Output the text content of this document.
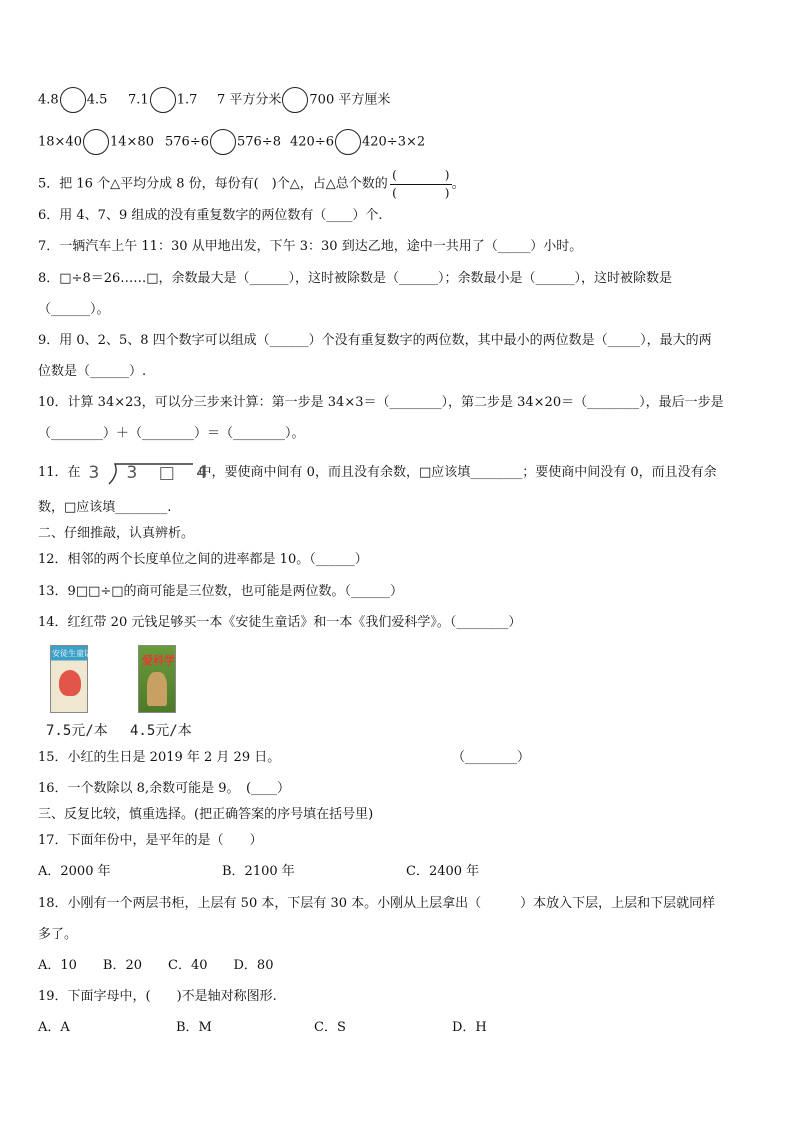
4.8 4.5 7.1 1.7 7 平方分米 700 平方厘米
18×40 14×80 576÷6 576÷8 420÷6 420÷3×2
5．把 16 个△平均分成 8 份，每份有(　)个△，占△总个数的 $\frac{( )}{( )}$ 。
6．用 4、7、9 组成的没有重复数字的两位数有（____）个.
7．一辆汽车上午 11：30 从甲地出发，下午 3：30 到达乙地，途中一共用了（_____）小时。
8．□÷8＝26……□，余数最大是（______），这时被除数是（______）；余数最小是（______），这时被除数是
（______）。
9．用 0、2、5、8 四个数字可以组成（______）个没有重复数字的两位数，其中最小的两位数是（_____），最大的两
位数是（______）.
10．计算 34×23，可以分三步来计算：第一步是 34×3＝（________），第二步是 34×20＝（________），最后一步是
（________）＋（________）＝（________）。
11．在 3 3 □ 4
中，要使商中间有 0，而且没有余数，□应该填________；要使商中间没有 0，而且没有余
数，□应该填________.
二、仔细推敲，认真辨析。
12．相邻的两个长度单位之间的进率都是 10。（______）
13．9□□÷□的商可能是三位数，也可能是两位数。（______）
14．红红带 20 元钱足够买一本《安徒生童话》和一本《我们爱科学》。（________）
安徒生童话
爱科学
7.5元/本 4.5元/本
15．小红的生日是 2019 年 2 月 29 日。	（________）
16．一个数除以 8,余数可能是 9。　(____）
三、反复比较，慎重选择。(把正确答案的序号填在括号里)
17．下面年份中，是平年的是（　　）
A．2000 年	B．2100 年	C．2400 年
18．小刚有一个两层书柜，上层有 50 本，下层有 30 本。小刚从上层拿出（　　　）本放入下层，上层和下层就同样
多了。
A．10　　B．20　　C．40　　D．80
19．下面字母中，(　　)不是轴对称图形.
A．A	B．M	C．S	D．H
